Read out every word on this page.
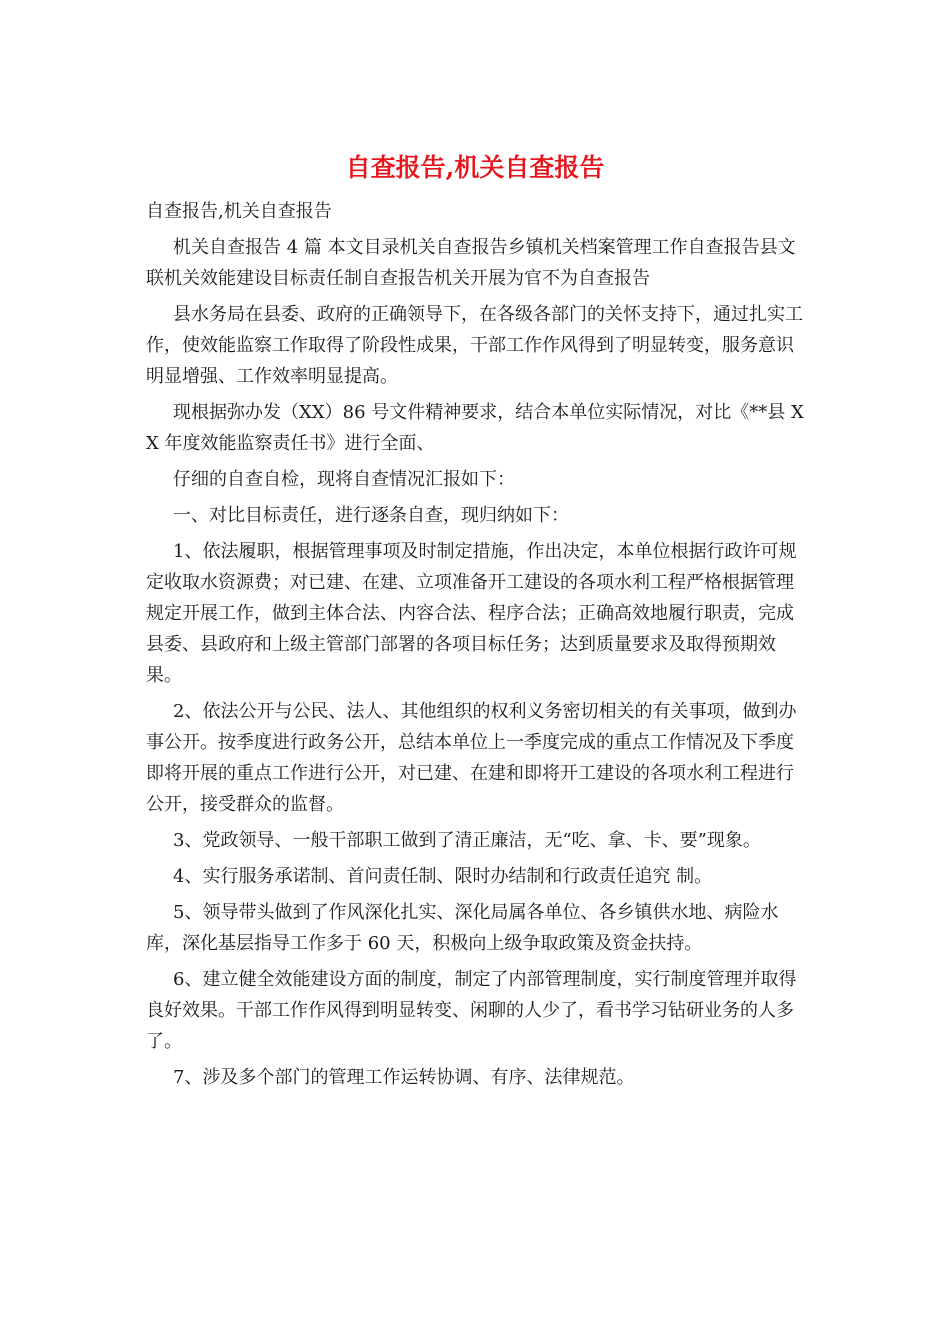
自查报告,机关自查报告

自查报告,机关自查报告

机关自查报告 4 篇 本文目录机关自查报告乡镇机关档案管理工作自查报告县文联机关效能建设目标责任制自查报告机关开展为官不为自查报告

县水务局在县委、政府的正确领导下，在各级各部门的关怀支持下，通过扎实工作，使效能监察工作取得了阶段性成果，干部工作作风得到了明显转变，服务意识明显增强、工作效率明显提高。

现根据弥办发（XX）86 号文件精神要求，结合本单位实际情况，对比《**县 XX 年度效能监察责任书》进行全面、

仔细的自查自检，现将自查情况汇报如下：

一、对比目标责任，进行逐条自查，现归纳如下：

1、依法履职，根据管理事项及时制定措施，作出决定，本单位根据行政许可规定收取水资源费；对已建、在建、立项准备开工建设的各项水利工程严格根据管理规定开展工作，做到主体合法、内容合法、程序合法；正确高效地履行职责，完成县委、县政府和上级主管部门部署的各项目标任务；达到质量要求及取得预期效果。

2、依法公开与公民、法人、其他组织的权利义务密切相关的有关事项，做到办事公开。按季度进行政务公开，总结本单位上一季度完成的重点工作情况及下季度即将开展的重点工作进行公开，对已建、在建和即将开工建设的各项水利工程进行公开，接受群众的监督。

3、党政领导、一般干部职工做到了清正廉洁，无“吃、拿、卡、要”现象。

4、实行服务承诺制、首问责任制、限时办结制和行政责任追究 制。

5、领导带头做到了作风深化扎实、深化局属各单位、各乡镇供水地、病险水库，深化基层指导工作多于 60 天，积极向上级争取政策及资金扶持。

6、建立健全效能建设方面的制度，制定了内部管理制度，实行制度管理并取得良好效果。干部工作作风得到明显转变、闲聊的人少了，看书学习钻研业务的人多了。

7、涉及多个部门的管理工作运转协调、有序、法律规范。
